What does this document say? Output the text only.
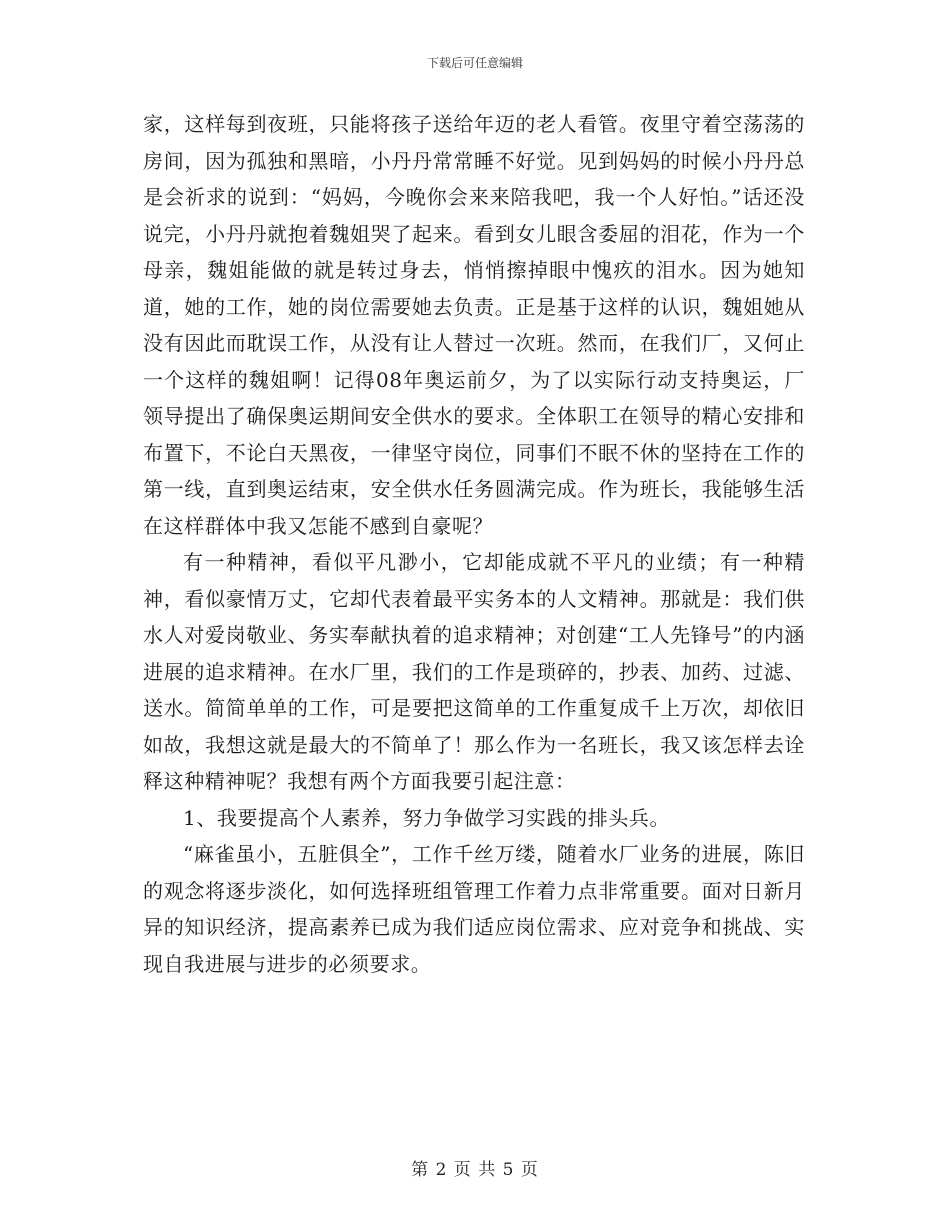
下载后可任意编辑

家，这样每到夜班，只能将孩子送给年迈的老人看管。夜里守着空荡荡的房间，因为孤独和黑暗，小丹丹常常睡不好觉。见到妈妈的时候小丹丹总是会祈求的说到：“妈妈，今晚你会来来陪我吧，我一个人好怕。”话还没说完，小丹丹就抱着魏姐哭了起来。看到女儿眼含委屈的泪花，作为一个母亲，魏姐能做的就是转过身去，悄悄擦掉眼中愧疚的泪水。因为她知道，她的工作，她的岗位需要她去负责。正是基于这样的认识，魏姐她从没有因此而耽误工作，从没有让人替过一次班。然而，在我们厂，又何止一个这样的魏姐啊！记得08年奥运前夕，为了以实际行动支持奥运，厂领导提出了确保奥运期间安全供水的要求。全体职工在领导的精心安排和布置下，不论白天黑夜，一律坚守岗位，同事们不眠不休的坚持在工作的第一线，直到奥运结束，安全供水任务圆满完成。作为班长，我能够生活在这样群体中我又怎能不感到自豪呢？

有一种精神，看似平凡渺小，它却能成就不平凡的业绩；有一种精神，看似豪情万丈，它却代表着最平实务本的人文精神。那就是：我们供水人对爱岗敬业、务实奉献执着的追求精神；对创建“工人先锋号”的内涵进展的追求精神。在水厂里，我们的工作是琐碎的，抄表、加药、过滤、送水。简简单单的工作，可是要把这简单的工作重复成千上万次，却依旧如故，我想这就是最大的不简单了！那么作为一名班长，我又该怎样去诠释这种精神呢？我想有两个方面我要引起注意：

1、我要提高个人素养，努力争做学习实践的排头兵。

“麻雀虽小，五脏俱全”，工作千丝万缕，随着水厂业务的进展，陈旧的观念将逐步淡化，如何选择班组管理工作着力点非常重要。面对日新月异的知识经济，提高素养已成为我们适应岗位需求、应对竞争和挑战、实现自我进展与进步的必须要求。

第 2 页 共 5 页
